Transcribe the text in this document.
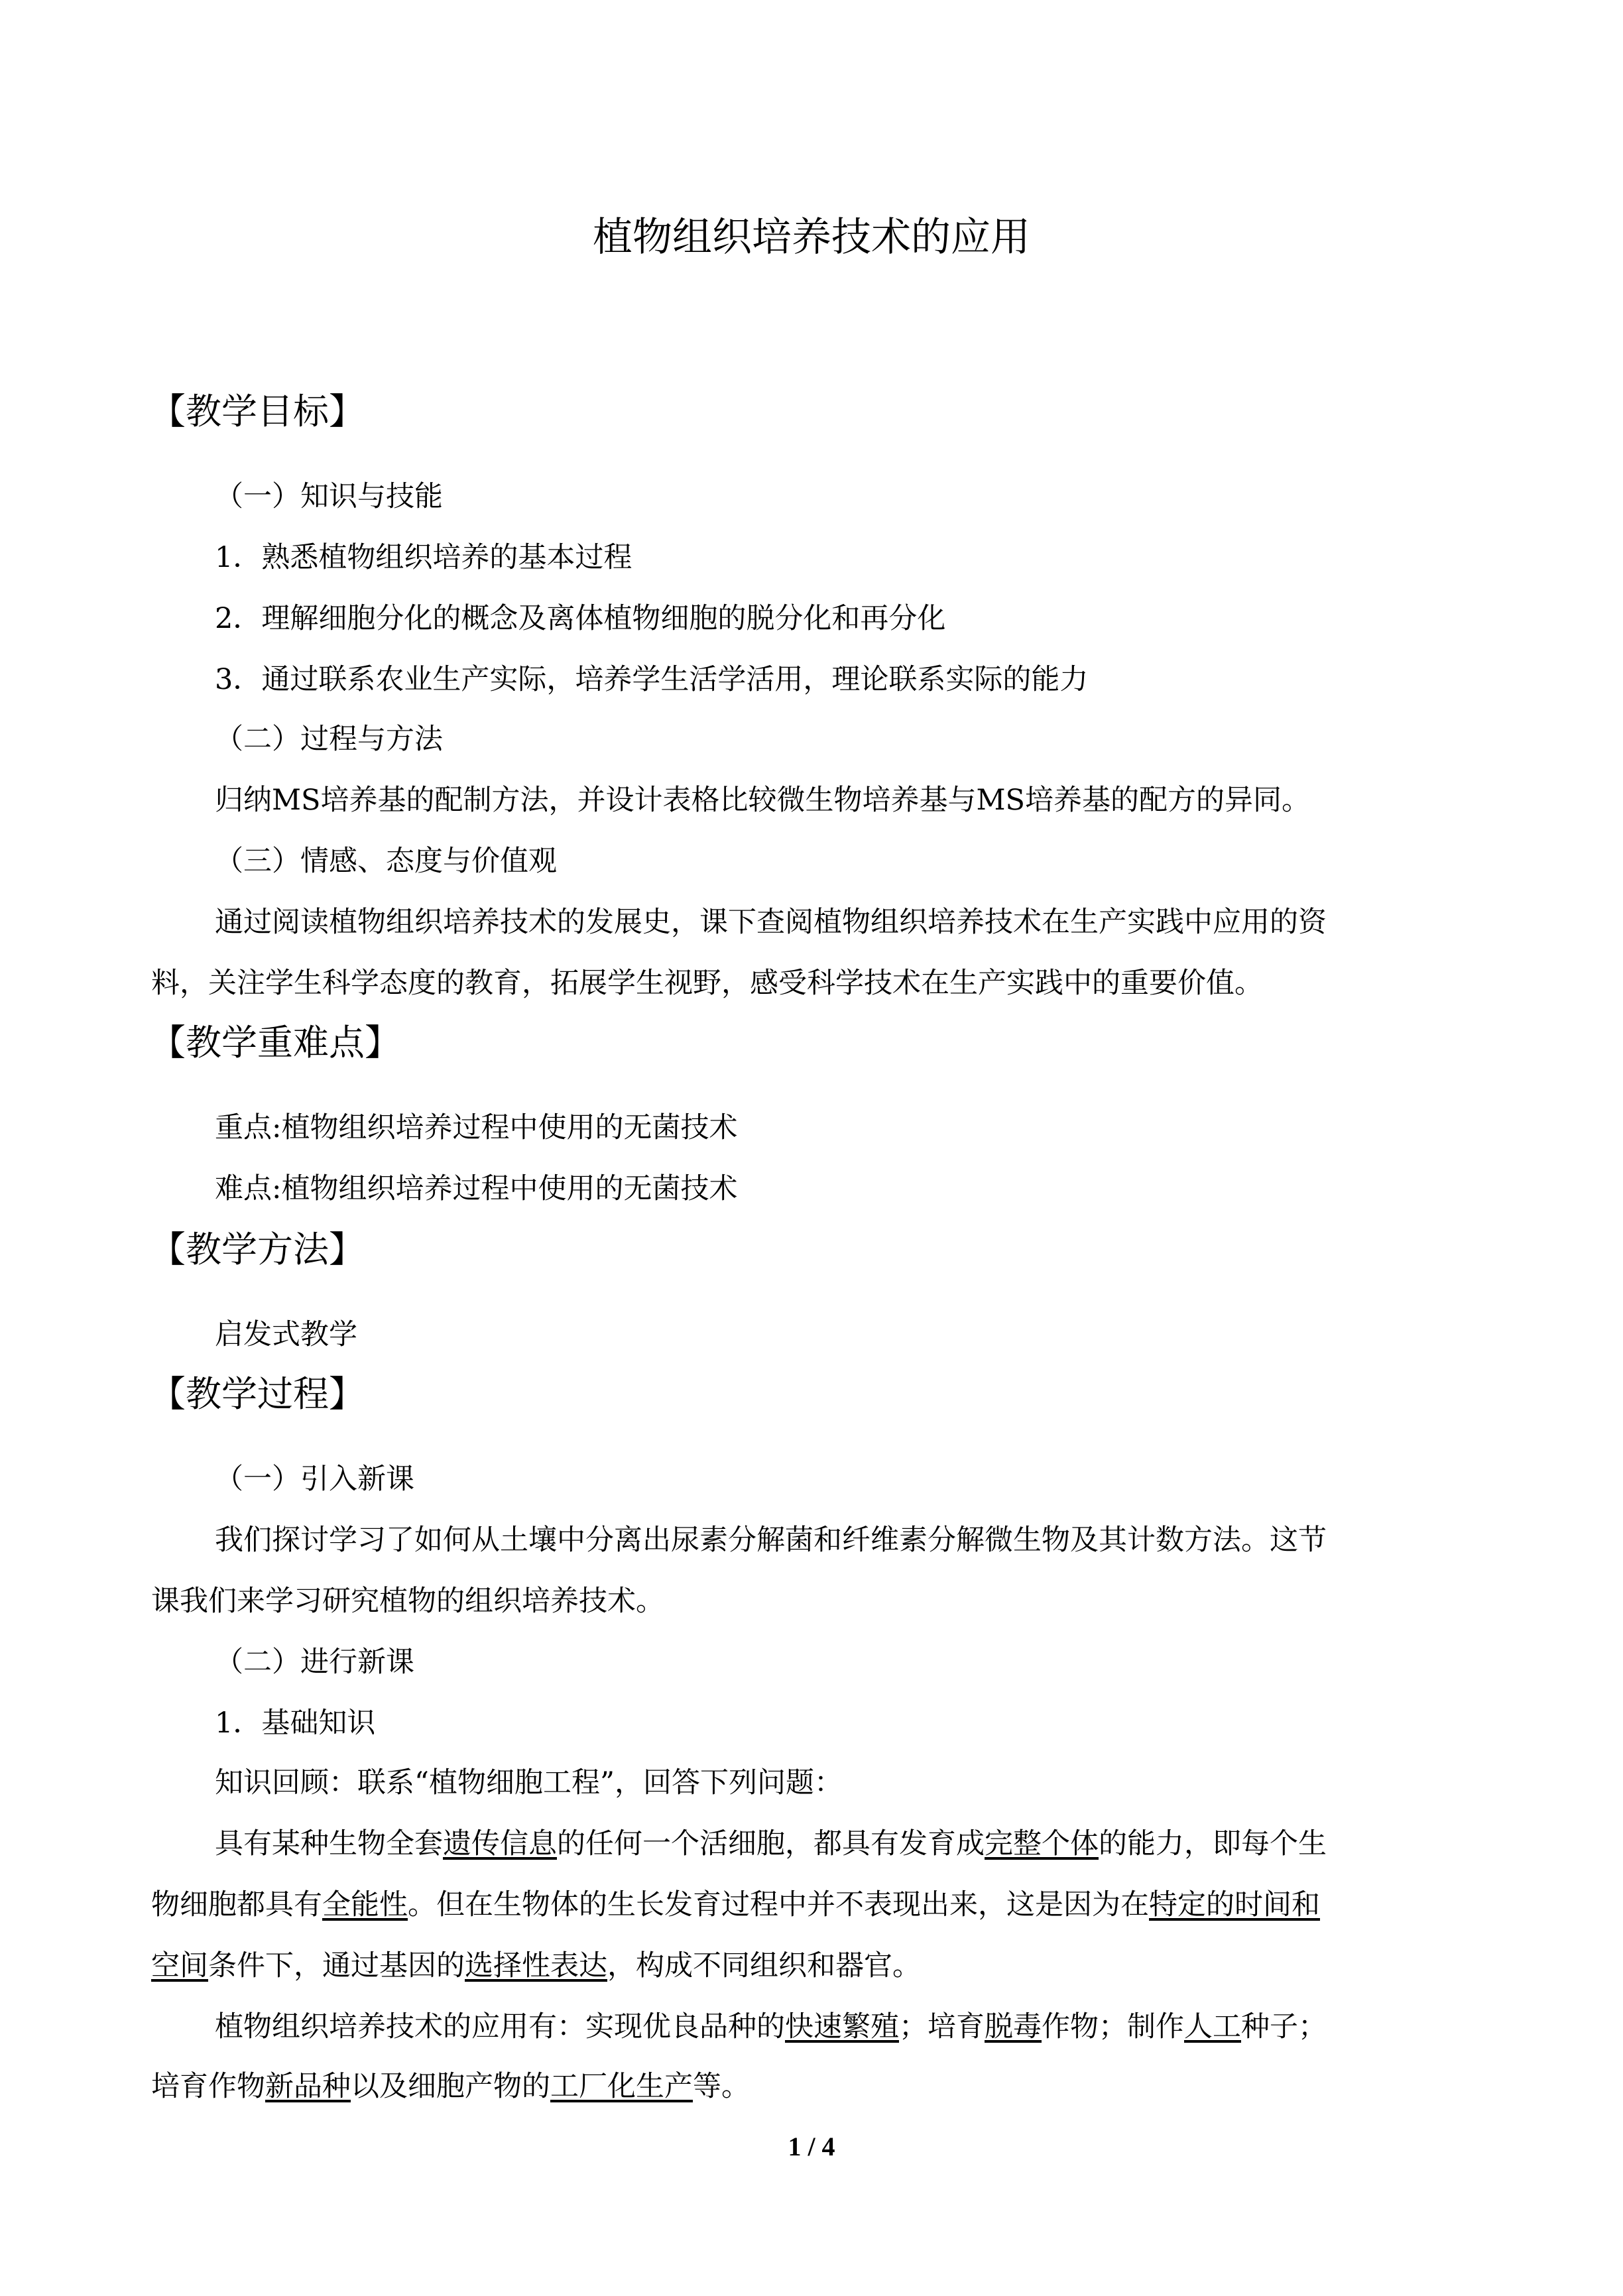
植物组织培养技术的应用
【教学目标】
（一）知识与技能
1．熟悉植物组织培养的基本过程
2．理解细胞分化的概念及离体植物细胞的脱分化和再分化
3．通过联系农业生产实际，培养学生活学活用，理论联系实际的能力
（二）过程与方法
归纳MS培养基的配制方法，并设计表格比较微生物培养基与MS培养基的配方的异同。
（三）情感、态度与价值观
通过阅读植物组织培养技术的发展史，课下查阅植物组织培养技术在生产实践中应用的资
料，关注学生科学态度的教育，拓展学生视野，感受科学技术在生产实践中的重要价值。
【教学重难点】
重点:植物组织培养过程中使用的无菌技术
难点:植物组织培养过程中使用的无菌技术
【教学方法】
启发式教学
【教学过程】
（一）引入新课
我们探讨学习了如何从土壤中分离出尿素分解菌和纤维素分解微生物及其计数方法。这节
课我们来学习研究植物的组织培养技术。
（二）进行新课
1．基础知识
知识回顾：联系“植物细胞工程”，回答下列问题：
具有某种生物全套遗传信息的任何一个活细胞，都具有发育成完整个体的能力，即每个生
物细胞都具有全能性。但在生物体的生长发育过程中并不表现出来，这是因为在特定的时间和
空间条件下，通过基因的选择性表达，构成不同组织和器官。
植物组织培养技术的应用有：实现优良品种的快速繁殖；培育脱毒作物；制作人工种子；
培育作物新品种以及细胞产物的工厂化生产等。
1 / 4
